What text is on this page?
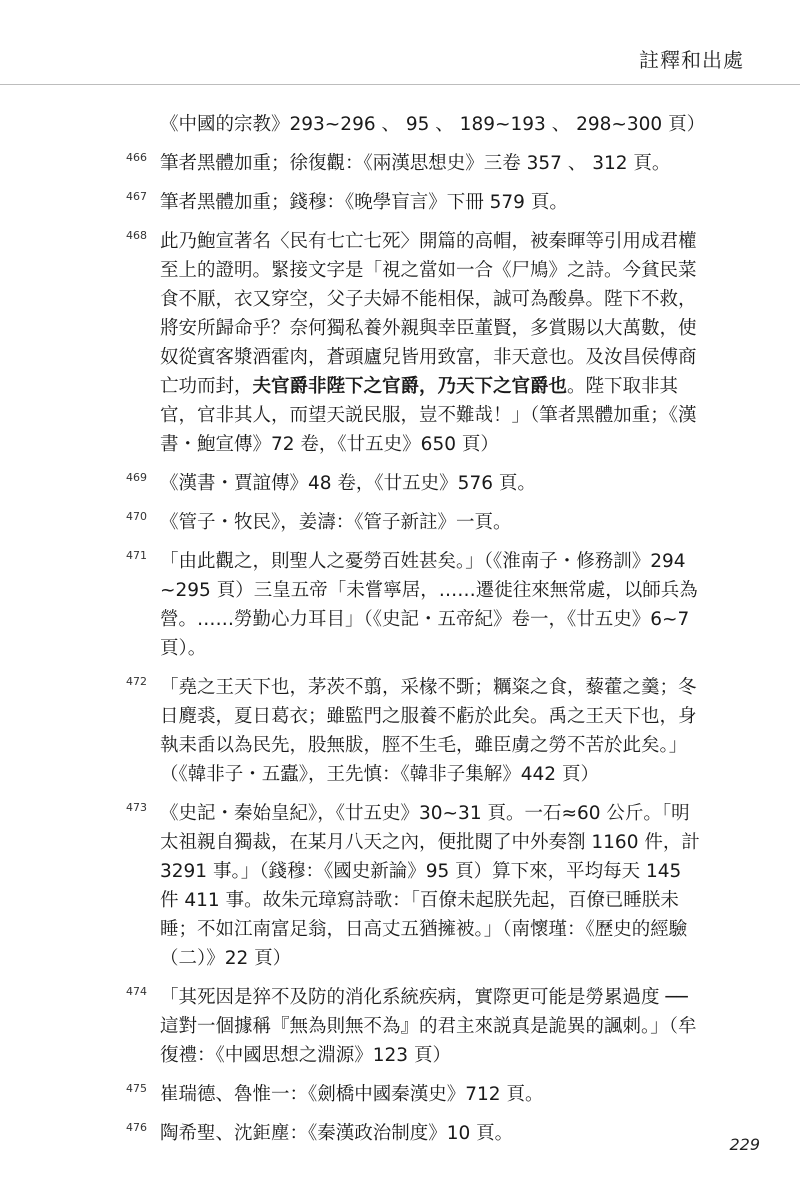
註釋和出處
《中國的宗教》293~296 、 95 、 189~193 、 298~300 頁）
466 筆者黑體加重；徐復觀：《兩漢思想史》三卷 357 、 312 頁。
467 筆者黑體加重；錢穆：《晚學盲言》下冊 579 頁。
468 此乃鮑宣著名〈民有七亡七死〉開篇的高帽，被秦暉等引用成君權至上的證明。緊接文字是「視之當如一合《尸鳩》之詩。今貧民菜食不厭，衣又穿空，父子夫婦不能相保，誠可為酸鼻。陛下不救，將安所歸命乎？奈何獨私養外親與幸臣董賢，多賞賜以大萬數，使奴從賓客漿酒霍肉，蒼頭廬兒皆用致富，非天意也。及汝昌侯傅商亡功而封，夫官爵非陛下之官爵，乃天下之官爵也。陛下取非其官，官非其人，而望天説民服，豈不難哉！」（筆者黑體加重；《漢書・鮑宣傳》72 卷，《廿五史》650 頁）
469 《漢書・賈誼傳》48 卷，《廿五史》576 頁。
470 《管子・牧民》，姜濤：《管子新註》一頁。
471 「由此觀之，則聖人之憂勞百姓甚矣。」（《淮南子・修務訓》294~295 頁）三皇五帝「未嘗寧居，……遷徙往來無常處，以師兵為營。……勞勤心力耳目」（《史記・五帝紀》卷一，《廿五史》6~7 頁）。
472 「堯之王天下也，茅茨不翦，采椽不斲；糲粢之食，藜藿之羹；冬日麑裘，夏日葛衣；雖監門之服養不虧於此矣。禹之王天下也，身執耒臿以為民先，股無胈，脛不生毛，雖臣虜之勞不苦於此矣。」（《韓非子・五蠹》，王先慎：《韓非子集解》442 頁）
473 《史記・秦始皇紀》，《廿五史》30~31 頁。一石≈60 公斤。「明太祖親自獨裁，在某月八天之內，便批閱了中外奏劄 1160 件，計 3291 事。」（錢穆：《國史新論》95 頁）算下來，平均每天 145 件 411 事。故朱元璋寫詩歌：「百僚未起朕先起，百僚已睡朕未睡；不如江南富足翁，日高丈五猶擁被。」（南懷瑾：《歷史的經驗（二）》22 頁）
474 「其死因是猝不及防的消化系統疾病，實際更可能是勞累過度 ── 這對一個據稱『無為則無不為』的君主來説真是詭異的諷刺。」（牟復禮：《中國思想之淵源》123 頁）
475 崔瑞德、魯惟一：《劍橋中國秦漢史》712 頁。
476 陶希聖、沈鉅塵：《秦漢政治制度》10 頁。
229
